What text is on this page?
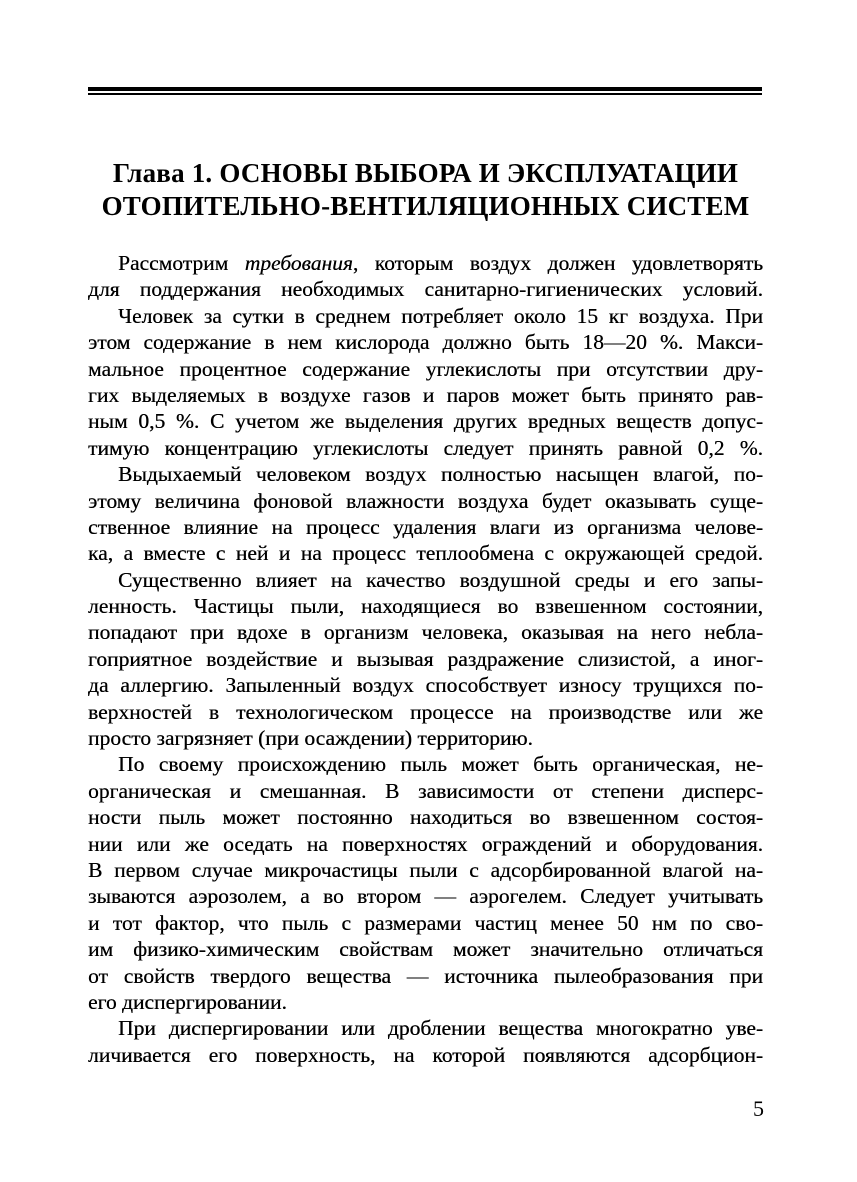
Глава 1. ОСНОВЫ ВЫБОРА И ЭКСПЛУАТАЦИИ
ОТОПИТЕЛЬНО-ВЕНТИЛЯЦИОННЫХ СИСТЕМ
Рассмотрим требования, которым воздух должен удовлетворять
для поддержания необходимых санитарно-гигиенических условий.
Человек за сутки в среднем потребляет около 15 кг воздуха. При
этом содержание в нем кислорода должно быть 18—20 %. Макси-
мальное процентное содержание углекислоты при отсутствии дру-
гих выделяемых в воздухе газов и паров может быть принято рав-
ным 0,5 %. С учетом же выделения других вредных веществ допус-
тимую концентрацию углекислоты следует принять равной 0,2 %.
Выдыхаемый человеком воздух полностью насыщен влагой, по-
этому величина фоновой влажности воздуха будет оказывать суще-
ственное влияние на процесс удаления влаги из организма челове-
ка, а вместе с ней и на процесс теплообмена с окружающей средой.
Существенно влияет на качество воздушной среды и его запы-
ленность. Частицы пыли, находящиеся во взвешенном состоянии,
попадают при вдохе в организм человека, оказывая на него небла-
гоприятное воздействие и вызывая раздражение слизистой, а иног-
да аллергию. Запыленный воздух способствует износу трущихся по-
верхностей в технологическом процессе на производстве или же
просто загрязняет (при осаждении) территорию.
По своему происхождению пыль может быть органическая, не-
органическая и смешанная. В зависимости от степени дисперс-
ности пыль может постоянно находиться во взвешенном состоя-
нии или же оседать на поверхностях ограждений и оборудования.
В первом случае микрочастицы пыли с адсорбированной влагой на-
зываются аэрозолем, а во втором — аэрогелем. Следует учитывать
и тот фактор, что пыль с размерами частиц менее 50 нм по сво-
им физико-химическим свойствам может значительно отличаться
от свойств твердого вещества — источника пылеобразования при
его диспергировании.
При диспергировании или дроблении вещества многократно уве-
личивается его поверхность, на которой появляются адсорбцион-
5
